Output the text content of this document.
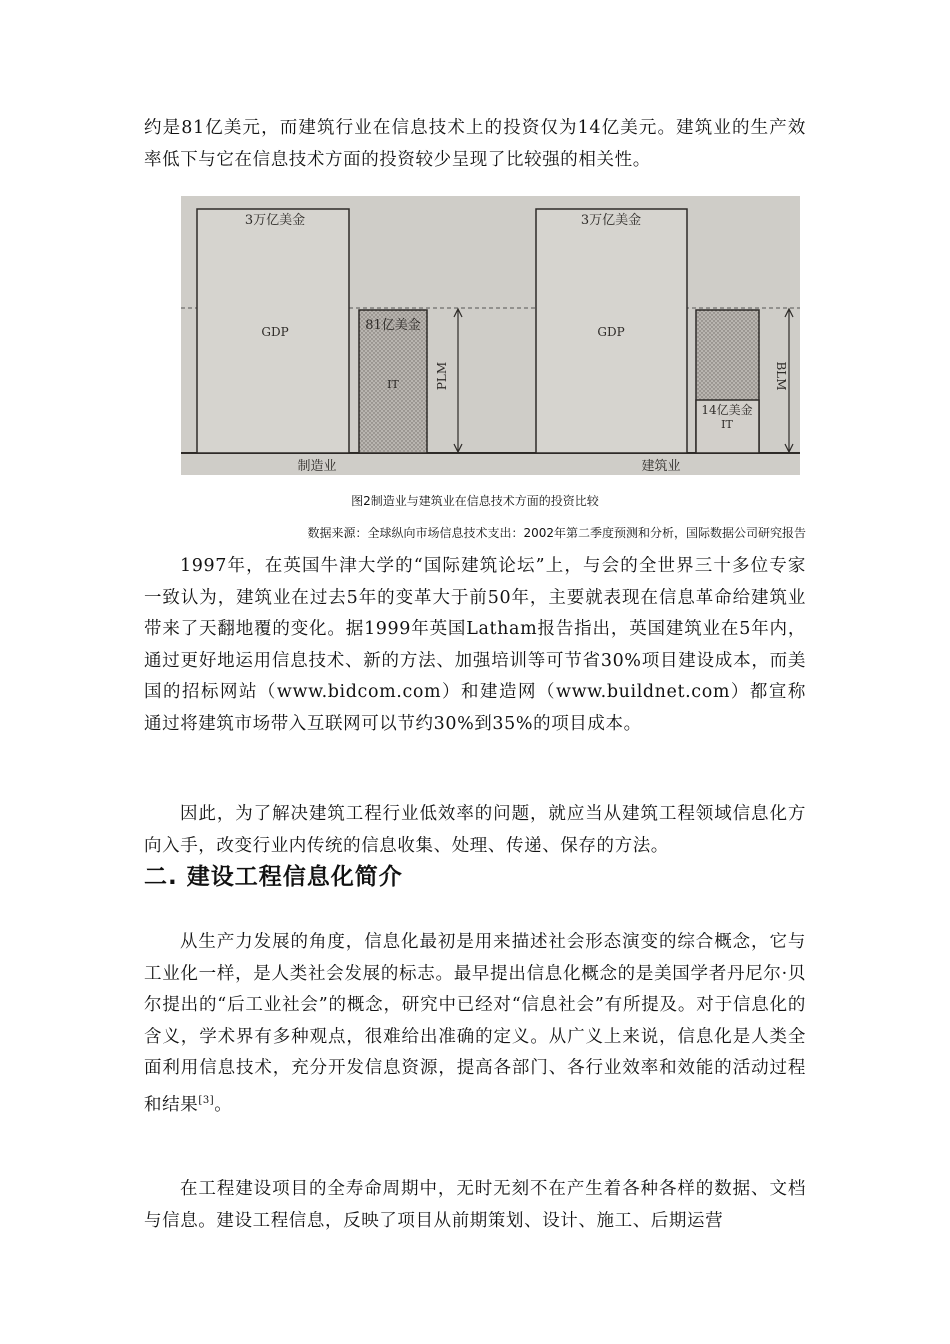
约是81亿美元，而建筑行业在信息技术上的投资仅为14亿美元。建筑业的生产效率低下与它在信息技术方面的投资较少呈现了比较强的相关性。

3万亿美金
GDP	81亿美金
IT	PLM
制造业
3万亿美金
GDP
14亿美金
IT
BLM
建筑业
图2制造业与建筑业在信息技术方面的投资比较
数据来源：全球纵向市场信息技术支出：2002年第二季度预测和分析，国际数据公司研究报告

1997年，在英国牛津大学的“国际建筑论坛”上，与会的全世界三十多位专家一致认为，建筑业在过去5年的变革大于前50年，主要就表现在信息革命给建筑业带来了天翻地覆的变化。据1999年英国Latham报告指出，英国建筑业在5年内，通过更好地运用信息技术、新的方法、加强培训等可节省30%项目建设成本，而美国的招标网站（www.bidcom.com）和建造网（www.buildnet.com）都宣称通过将建筑市场带入互联网可以节约30%到35%的项目成本。

因此，为了解决建筑工程行业低效率的问题，就应当从建筑工程领域信息化方向入手，改变行业内传统的信息收集、处理、传递、保存的方法。

二. 建设工程信息化简介

从生产力发展的角度，信息化最初是用来描述社会形态演变的综合概念，它与工业化一样，是人类社会发展的标志。最早提出信息化概念的是美国学者丹尼尔·贝尔提出的“后工业社会”的概念，研究中已经对“信息社会”有所提及。对于信息化的含义，学术界有多种观点，很难给出准确的定义。从广义上来说，信息化是人类全面利用信息技术，充分开发信息资源，提高各部门、各行业效率和效能的活动过程和结果[3]。

在工程建设项目的全寿命周期中，无时无刻不在产生着各种各样的数据、文档与信息。建设工程信息，反映了项目从前期策划、设计、施工、后期运营
